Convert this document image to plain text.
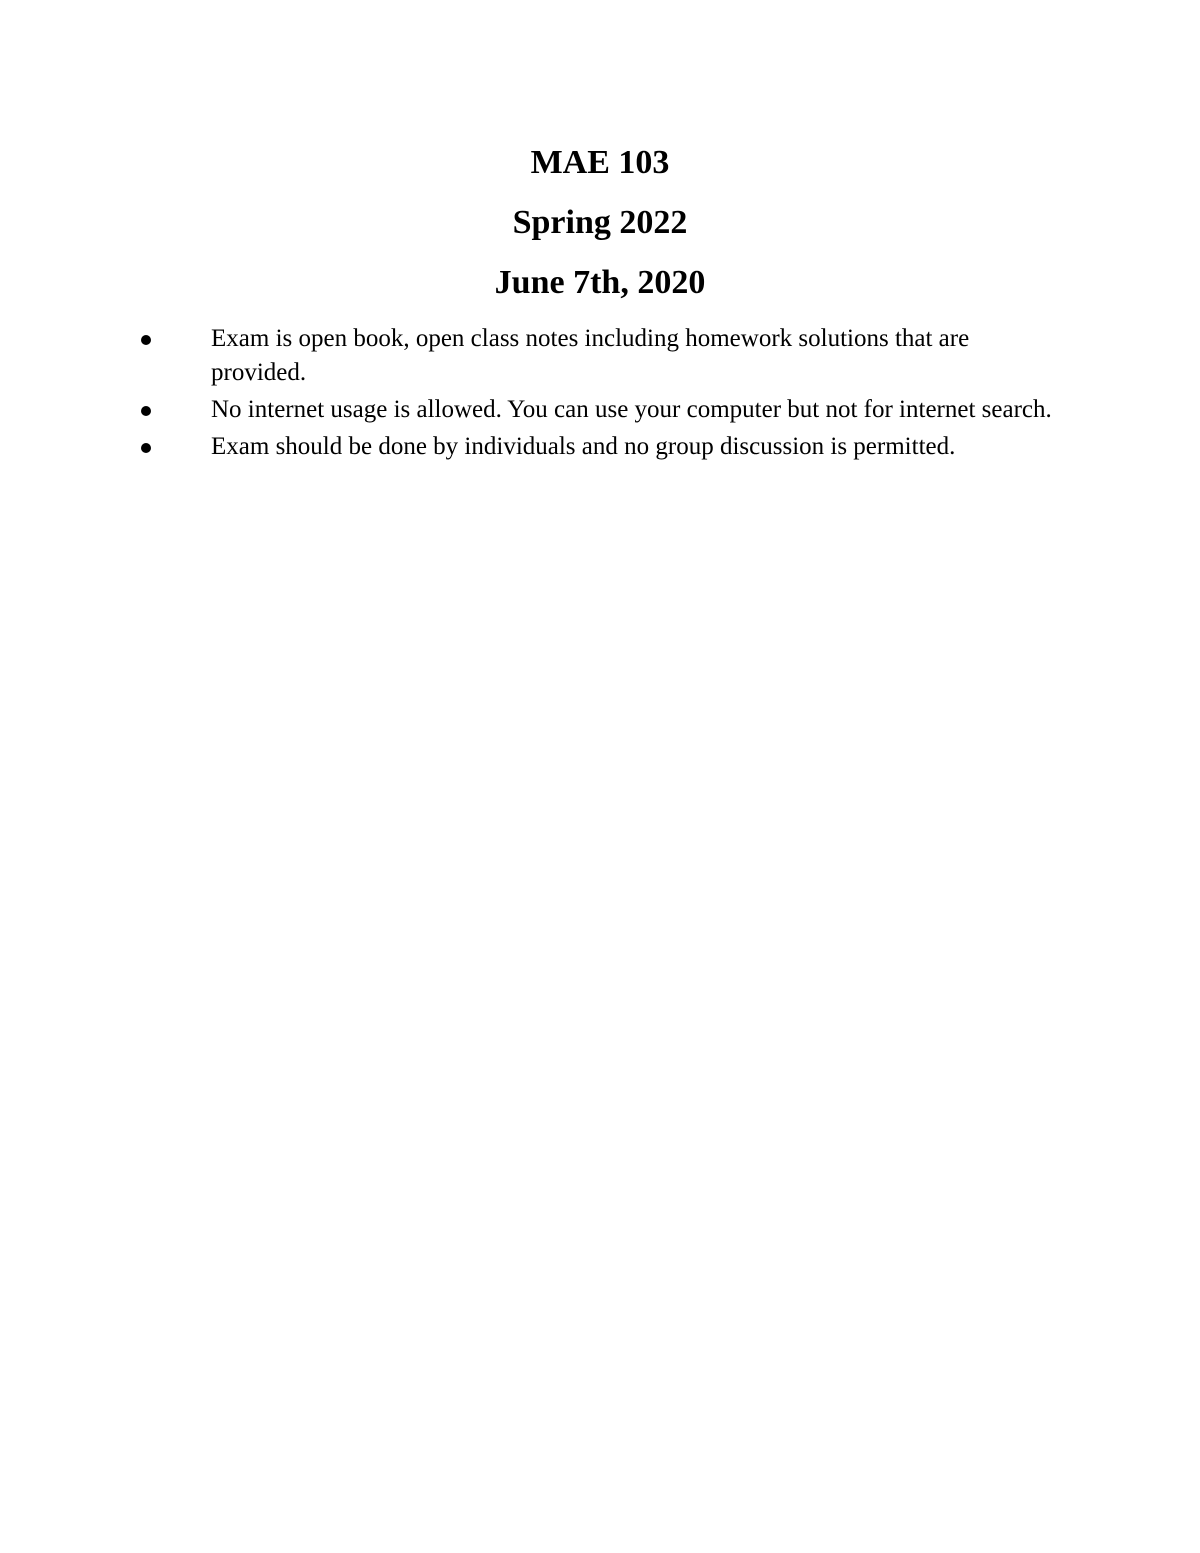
MAE 103
Spring 2022
June 7th, 2020
Exam is open book, open class notes including homework solutions that are provided.
No internet usage is allowed. You can use your computer but not for internet search.
Exam should be done by individuals and no group discussion is permitted.
